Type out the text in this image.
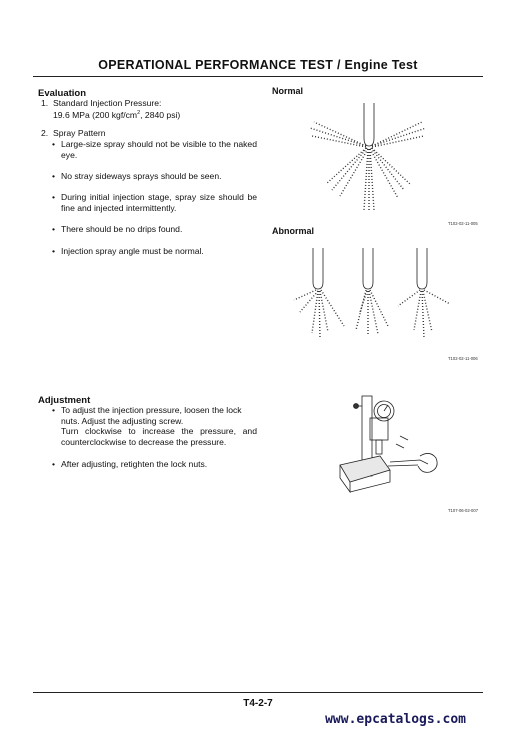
OPERATIONAL PERFORMANCE TEST / Engine Test
Evaluation
1. Standard Injection Pressure:
19.6 MPa (200 kgf/$cm^2$, 2840 psi)
2. Spray Pattern
• Large-size spray should not be visible to the naked eye.
• No stray sideways sprays should be seen.
• During initial injection stage, spray size should be fine and injected intermittently.
• There should be no drips found.
• Injection spray angle must be normal.
Normal
T102-02-11-005
Abnormal
T102-02-11-006
Adjustment
• To adjust the injection pressure, loosen the lock
nuts. Adjust the adjusting screw.
Turn clockwise to increase the pressure, and
counterclockwise to decrease the pressure.
• After adjusting, retighten the lock nuts.
T107-06-02-007
T4-2-7
www.epcatalogs.com
